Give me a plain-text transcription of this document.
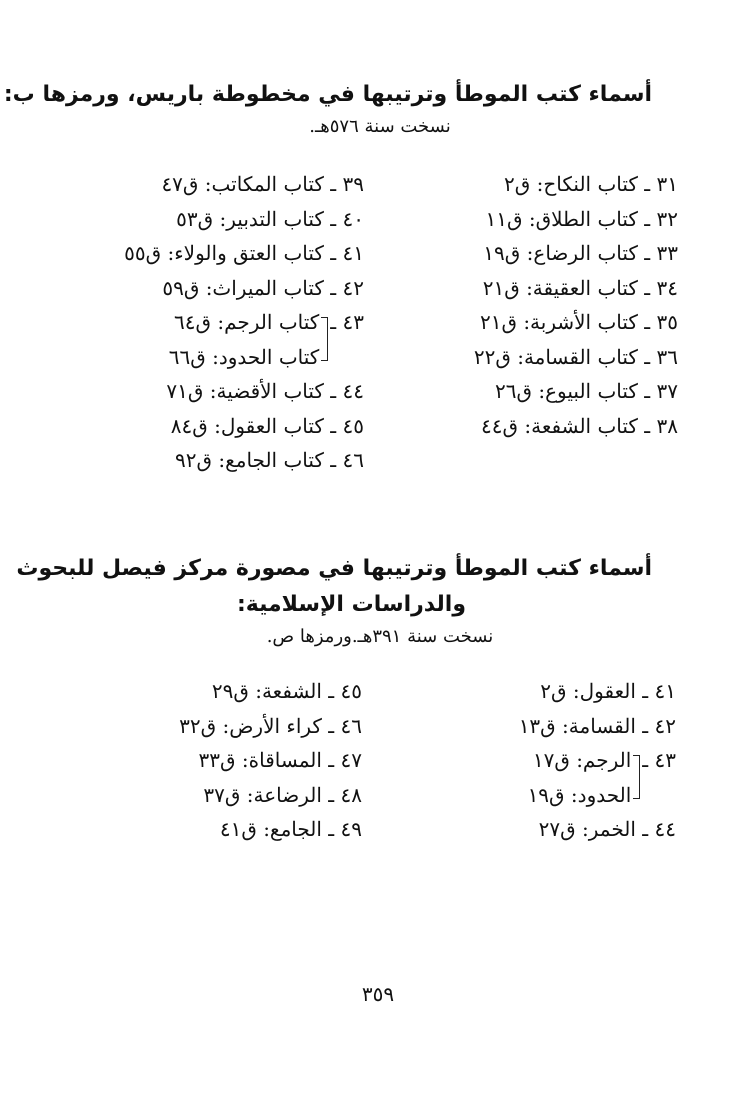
أسماء كتب الموطأ وترتيبها في مخطوطة باريس، ورمزها ب:
نسخت سنة ٥٧٦هـ.
٣١ ـ كتاب النكاح: ق٢
٣٢ ـ كتاب الطلاق: ق١١
٣٣ ـ كتاب الرضاع: ق١٩
٣٤ ـ كتاب العقيقة: ق٢١
٣٥ ـ كتاب الأشربة: ق٢١
٣٦ ـ كتاب القسامة: ق٢٢
٣٧ ـ كتاب البيوع: ق٢٦
٣٨ ـ كتاب الشفعة: ق٤٤
٣٩ ـ كتاب المكاتب: ق٤٧
٤٠ ـ كتاب التدبير: ق٥٣
٤١ ـ كتاب العتق والولاء: ق٥٥
٤٢ ـ كتاب الميراث: ق٥٩
٤٣
ـ
كتاب الرجم: ق٦٤
كتاب الحدود: ق٦٦
٤٤ ـ كتاب الأقضية: ق٧١
٤٥ ـ كتاب العقول: ق٨٤
٤٦ ـ كتاب الجامع: ق٩٢
أسماء كتب الموطأ وترتيبها في مصورة مركز فيصل للبحوث
والدراسات الإسلامية:
نسخت سنة ٣٩١هـ.ورمزها ص.
٤١ ـ العقول: ق٢
٤٢ ـ القسامة: ق١٣
٤٣
ـ
الرجم: ق١٧
الحدود: ق١٩
٤٤ ـ الخمر: ق٢٧
٤٥ ـ الشفعة: ق٢٩
٤٦ ـ كراء الأرض: ق٣٢
٤٧ ـ المساقاة: ق٣٣
٤٨ ـ الرضاعة: ق٣٧
٤٩ ـ الجامع: ق٤١
٣٥٩
